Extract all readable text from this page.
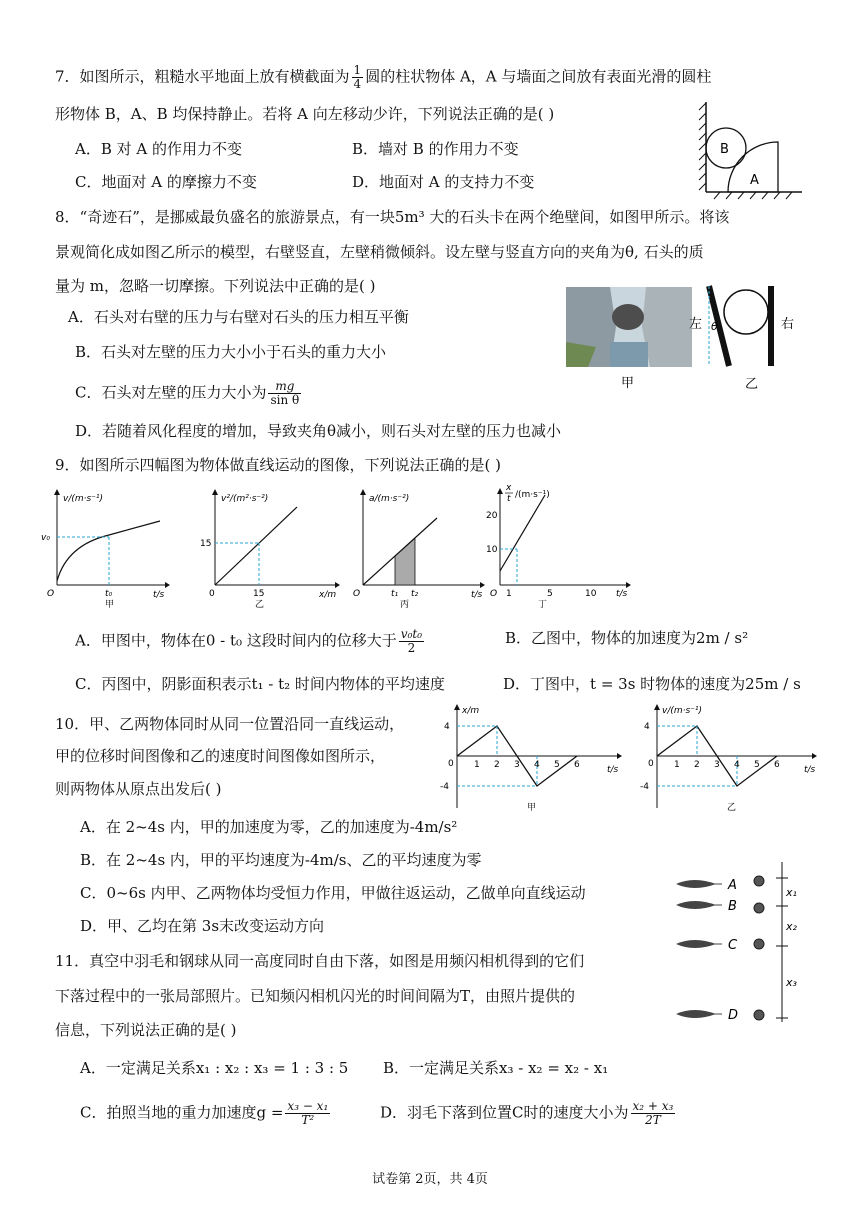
7．如图所示，粗糙水平地面上放有横截面为 $\frac{1}{4}$ 圆的柱状物体 A，A 与墙面之间放有表面光滑的圆柱
形物体 B，A、B 均保持静止。若将 A 向左移动少许，下列说法正确的是( )
A．B 对 A 的作用力不变	B．墙对 B 的作用力不变
C．地面对 A 的摩擦力不变	D．地面对 A 的支持力不变
B
A
8．“奇迹石”，是挪威最负盛名的旅游景点，有一块5m³ 大的石头卡在两个绝壁间，如图甲所示。将该
景观简化成如图乙所示的模型，右壁竖直，左壁稍微倾斜。设左壁与竖直方向的夹角为θ, 石头的质
量为 m，忽略一切摩擦。下列说法中正确的是( )
A．石头对右壁的压力与右壁对石头的压力相互平衡
B．石头对左壁的压力大小小于石头的重力大小
C．石头对左壁的压力大小为 $\frac{mg}{\text{sin θ}}$
D．若随着风化程度的增加，导致夹角θ减小，则石头对左壁的压力也减小
甲
左 θ	右
乙
9．如图所示四幅图为物体做直线运动的图像，下列说法正确的是( )
v/(m·s⁻¹)
t/s
v₀
t₀
O
甲
v²/(m²·s⁻²)
x/m
15
15
0
乙
a/(m·s⁻²)
t/s
t₁ t₂
O
丙
x
t /(m·s⁻¹)
20
10
O 1	5	10 t/s
丁
A．甲图中，物体在0 - t₀ 这段时间内的位移大于 $\frac{\text{v₀t₀}}{2}$	B．乙图中，物体的加速度为2m / s²
C．丙图中，阴影面积表示t₁ - t₂ 时间内物体的平均速度	D．丁图中，t = 3s 时物体的速度为25m / s
10．甲、乙两物体同时从同一位置沿同一直线运动，
甲的位移时间图像和乙的速度时间图像如图所示，
则两物体从原点出发后( )
x/m
4
-4
0 1 2 3 4 5 6	t/s
甲
v/(m·s⁻¹)
4
-4
0 1 2 3 4 5 6	t/s
乙
A．在 2~4s 内，甲的加速度为零，乙的加速度为-4m/s²
B．在 2~4s 内，甲的平均速度为-4m/s、乙的平均速度为零
C．0~6s 内甲、乙两物体均受恒力作用，甲做往返运动，乙做单向直线运动
D．甲、乙均在第 3s末改变运动方向
11．真空中羽毛和钢球从同一高度同时自由下落，如图是用频闪相机得到的它们
下落过程中的一张局部照片。已知频闪相机闪光的时间间隔为T，由照片提供的
信息，下列说法正确的是( )
A
B
C
D
x₁
x₂
x₃
A．一定满足关系x₁ : x₂ : x₃ = 1 : 3 : 5 B．一定满足关系x₃ - x₂ = x₂ - x₁
C．拍照当地的重力加速度$g = \frac{\text{x₃ − x₁}}{\text{T²}}$	D．羽毛下落到位置C时的速度大小为 $\frac{\text{x₂ + x₃}}{2T}$
试卷第 2页，共 4页
